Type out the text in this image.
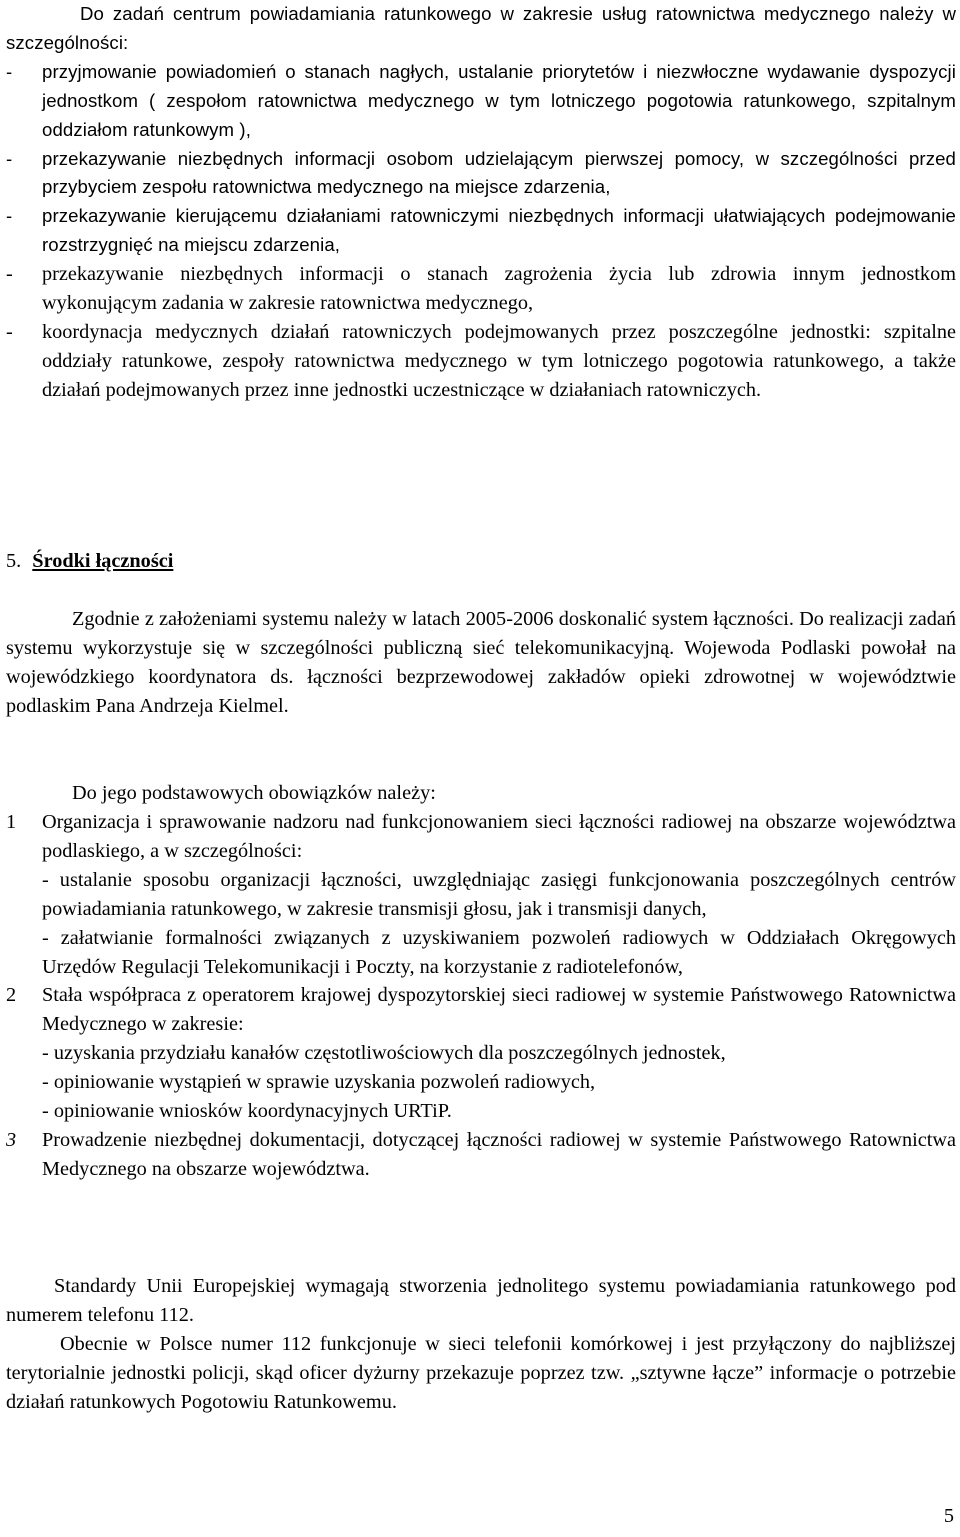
Do zadań centrum powiadamiania ratunkowego w zakresie usług ratownictwa medycznego należy w szczególności:

- przyjmowanie powiadomień o stanach nagłych, ustalanie priorytetów i niezwłoczne wydawanie dyspozycji jednostkom ( zespołom ratownictwa medycznego w tym lotniczego pogotowia ratunkowego, szpitalnym oddziałom ratunkowym ),
- przekazywanie niezbędnych informacji osobom udzielającym pierwszej pomocy, w szczególności przed przybyciem zespołu ratownictwa medycznego na miejsce zdarzenia,
- przekazywanie kierującemu działaniami ratowniczymi niezbędnych informacji ułatwiających podejmowanie rozstrzygnięć na miejscu zdarzenia,
- przekazywanie niezbędnych informacji o stanach zagrożenia życia lub zdrowia innym jednostkom wykonującym zadania w zakresie ratownictwa medycznego,
- koordynacja medycznych działań ratowniczych podejmowanych przez poszczególne jednostki: szpitalne oddziały ratunkowe, zespoły ratownictwa medycznego w tym lotniczego pogotowia ratunkowego, a także działań podejmowanych przez inne jednostki uczestniczące w działaniach ratowniczych.
5. Środki łączności

Zgodnie z założeniami systemu należy w latach 2005-2006 doskonalić system łączności. Do realizacji zadań systemu wykorzystuje się w szczególności publiczną sieć telekomunikacyjną. Wojewoda Podlaski powołał na wojewódzkiego koordynatora ds. łączności bezprzewodowej zakładów opieki zdrowotnej w województwie podlaskim Pana Andrzeja Kielmel.

Do jego podstawowych obowiązków należy:

1 Organizacja i sprawowanie nadzoru nad funkcjonowaniem sieci łączności radiowej na obszarze województwa podlaskiego, a w szczególności:
- ustalanie sposobu organizacji łączności, uwzględniając zasięgi funkcjonowania poszczególnych centrów powiadamiania ratunkowego, w zakresie transmisji głosu, jak i transmisji danych,
- załatwianie formalności związanych z uzyskiwaniem pozwoleń radiowych w Oddziałach Okręgowych Urzędów Regulacji Telekomunikacji i Poczty, na korzystanie z radiotelefonów,
2 Stała współpraca z operatorem krajowej dyspozytorskiej sieci radiowej w systemie Państwowego Ratownictwa Medycznego w zakresie:
- uzyskania przydziału kanałów częstotliwościowych dla poszczególnych jednostek,
- opiniowanie wystąpień w sprawie uzyskania pozwoleń radiowych,
- opiniowanie wniosków koordynacyjnych URTiP.
3 Prowadzenie niezbędnej dokumentacji, dotyczącej łączności radiowej w systemie Państwowego Ratownictwa Medycznego na obszarze województwa.

Standardy Unii Europejskiej wymagają stworzenia jednolitego systemu powiadamiania ratunkowego pod numerem telefonu 112.

Obecnie w Polsce numer 112 funkcjonuje w sieci telefonii komórkowej i jest przyłączony do najbliższej terytorialnie jednostki policji, skąd oficer dyżurny przekazuje poprzez tzw. „sztywne łącze” informacje o potrzebie działań ratunkowych Pogotowiu Ratunkowemu.

5
